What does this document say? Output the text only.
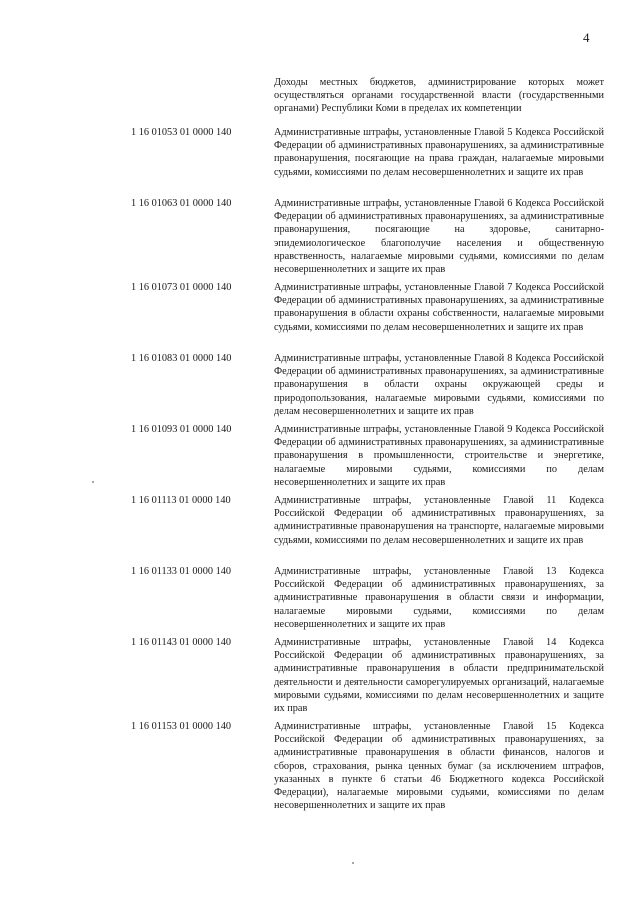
4
Доходы местных бюджетов, администрирование которых может осуществляться органами государственной власти (государственными органами) Республики Коми в пределах их компетенции
1 16 01053 01 0000 140	Административные штрафы, установленные Главой 5 Кодекса Российской Федерации об административных правонарушениях, за административные правонарушения, посягающие на права граждан, налагаемые мировыми судьями, комиссиями по делам несовершеннолетних и защите их прав
1 16 01063 01 0000 140	Административные штрафы, установленные Главой 6 Кодекса Российской Федерации об административных правонарушениях, за административные правонарушения, посягающие на здоровье, санитарно-эпидемиологическое благополучие населения и общественную нравственность, налагаемые мировыми судьями, комиссиями по делам несовершеннолетних и защите их прав
1 16 01073 01 0000 140	Административные штрафы, установленные Главой 7 Кодекса Российской Федерации об административных правонарушениях, за административные правонарушения в области охраны собственности, налагаемые мировыми судьями, комиссиями по делам несовершеннолетних и защите их прав
1 16 01083 01 0000 140	Административные штрафы, установленные Главой 8 Кодекса Российской Федерации об административных правонарушениях, за административные правонарушения в области охраны окружающей среды и природопользования, налагаемые мировыми судьями, комиссиями по делам несовершеннолетних и защите их прав
1 16 01093 01 0000 140	Административные штрафы, установленные Главой 9 Кодекса Российской Федерации об административных правонарушениях, за административные правонарушения в промышленности, строительстве и энергетике, налагаемые мировыми судьями, комиссиями по делам несовершеннолетних и защите их прав
1 16 01113 01 0000 140	Административные штрафы, установленные Главой 11 Кодекса Российской Федерации об административных правонарушениях, за административные правонарушения на транспорте, налагаемые мировыми судьями, комиссиями по делам несовершеннолетних и защите их прав
1 16 01133 01 0000 140	Административные штрафы, установленные Главой 13 Кодекса Российской Федерации об административных правонарушениях, за административные правонарушения в области связи и информации, налагаемые мировыми судьями, комиссиями по делам несовершеннолетних и защите их прав
1 16 01143 01 0000 140	Административные штрафы, установленные Главой 14 Кодекса Российской Федерации об административных правонарушениях, за административные правонарушения в области предпринимательской деятельности и деятельности саморегулируемых организаций, налагаемые мировыми судьями, комиссиями по делам несовершеннолетних и защите их прав
1 16 01153 01 0000 140	Административные штрафы, установленные Главой 15 Кодекса Российской Федерации об административных правонарушениях, за административные правонарушения в области финансов, налогов и сборов, страхования, рынка ценных бумаг (за исключением штрафов, указанных в пункте 6 статьи 46 Бюджетного кодекса Российской Федерации), налагаемые мировыми судьями, комиссиями по делам несовершеннолетних и защите их прав
